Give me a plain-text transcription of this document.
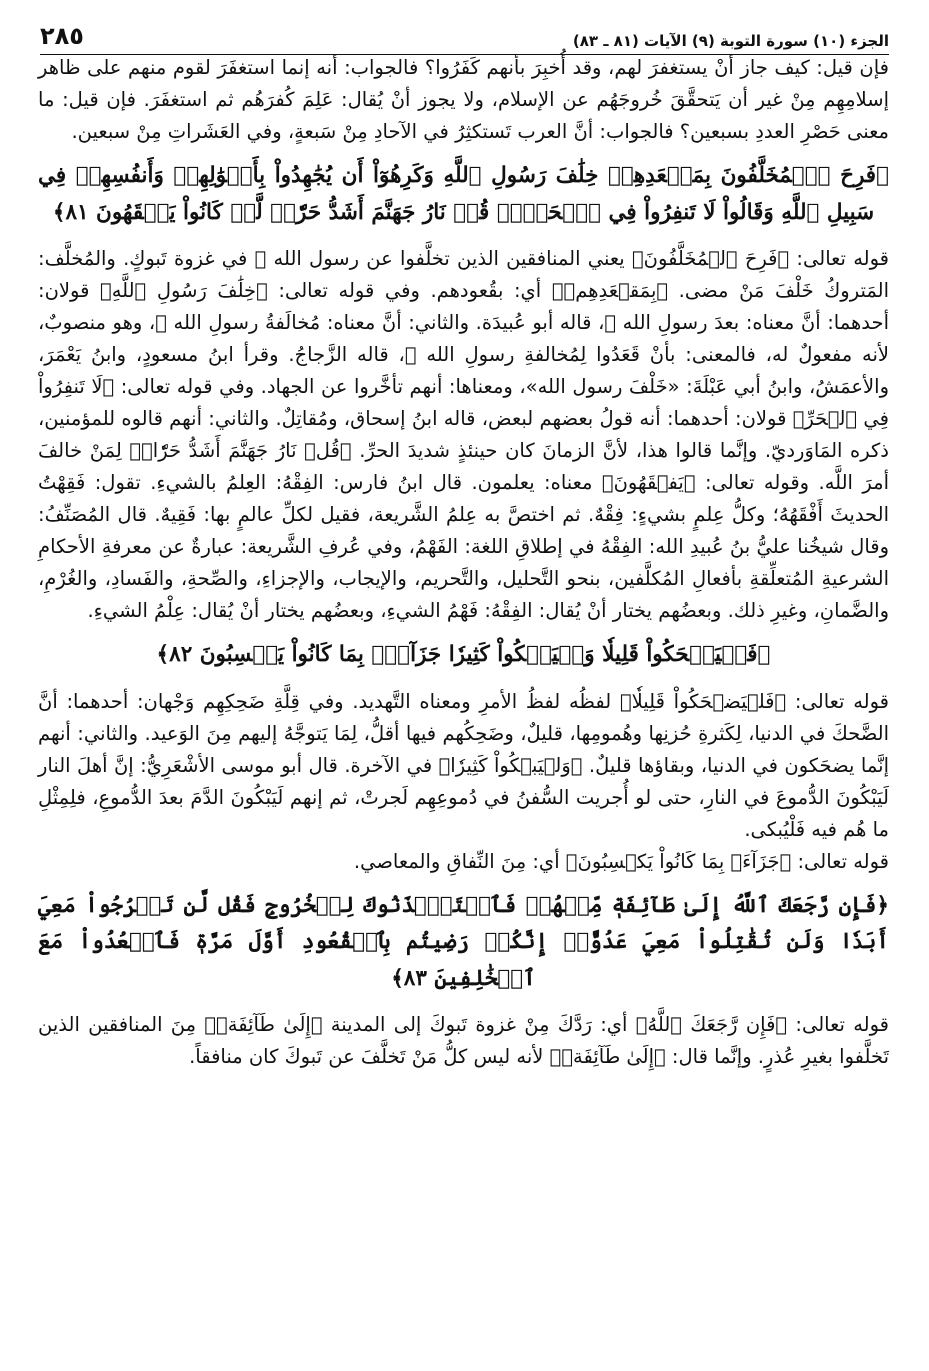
الجزء (١٠) سورة التوبة (٩) الآيات (٨١ ـ ٨٣)
٢٨٥

فإن قيل: كيف جاز أنْ يستغفرَ لهم، وقد أُخبِرَ بأنهم كَفَرُوا؟ فالجواب: أنه إنما استغفَرَ لقوم منهم على ظاهر إسلامِهِم مِنْ غير أن يَتحقَّقَ خُروجَهُم عن الإسلام، ولا يجوز أنْ يُقال: عَلِمَ كُفرَهُم ثم استغفَرَ. فإن قيل: ما معنى حَصْرِ العددِ بسبعين؟ فالجواب: أنَّ العرب تَستكثِرُ في الآحادِ مِنْ سَبعةٍ، وفي العَشَراتِ مِنْ سبعين.

﴿فَرِحَ ٱلۡمُخَلَّفُونَ بِمَقۡعَدِهِمۡ خِلَٰفَ رَسُولِ ٱللَّهِ وَكَرِهُوٓاْ أَن يُجَٰهِدُواْ بِأَمۡوَٰلِهِمۡ وَأَنفُسِهِمۡ فِي سَبِيلِ ٱللَّهِ وَقَالُواْ لَا تَنفِرُواْ فِي ٱلۡحَرِّۗ قُلۡ نَارُ جَهَنَّمَ أَشَدُّ حَرّٗاۚ لَّوۡ كَانُواْ يَفۡقَهُونَ ٨١﴾

قوله تعالى: ﴿فَرِحَ ٱلۡمُخَلَّفُونَ﴾ يعني المنافقين الذين تخلَّفوا عن رسول الله ﷺ في غزوة تَبوكٍ. والمُخلَّف: المَتروكُ خَلْفَ مَنْ مضى. ﴿بِمَقۡعَدِهِمۡ﴾ أي: بقُعودهم. وفي قوله تعالى: ﴿خِلَٰفَ رَسُولِ ٱللَّهِ﴾ قولان: أحدهما: أنَّ معناه: بعدَ رسولِ الله ﷺ، قاله أبو عُبيدَة. والثاني: أنَّ معناه: مُخالَفةُ رسولِ الله ﷺ، وهو منصوبٌ، لأنه مفعولٌ له، فالمعنى: بأنْ قَعَدُوا لِمُخالفةِ رسولِ الله ﷺ، قاله الزَّجاجُ. وقرأ ابنُ مسعودٍ، وابنُ يَعْمَرَ، والأعمَشُ، وابنُ أبي عَبْلَةَ: «خَلْفَ رسول الله»، ومعناها: أنهم تأخَّروا عن الجهاد. وفي قوله تعالى: ﴿لَا تَنفِرُواْ فِي ٱلۡحَرِّ﴾ قولان: أحدهما: أنه قولُ بعضهم لبعض، قاله ابنُ إسحاق، ومُقاتِلٌ. والثاني: أنهم قالوه للمؤمنين، ذكره المَاوَرديّ. وإنَّما قالوا هذا، لأنَّ الزمانَ كان حينئذٍ شديدَ الحرِّ. ﴿قُلۡ نَارُ جَهَنَّمَ أَشَدُّ حَرّٗاۚ﴾ لِمَنْ خالفَ أمرَ اللَّه. وقوله تعالى: ﴿يَفۡقَهُونَ﴾ معناه: يعلمون. قال ابنُ فارس: الفِقْهُ: العِلمُ بالشيءِ. تقول: فَقِهْتُ الحديثَ أَفْقَهُهُ؛ وكلُّ عِلمٍ بشيءٍ: فِقْهٌ. ثم اختصَّ به عِلمُ الشَّريعة، فقيل لكلِّ عالمٍ بها: فَقِيهٌ. قال المُصَنِّفُ: وقال شيخُنا عليُّ بنُ عُبيدِ الله: الفِقْهُ في إطلاقِ اللغة: الفَهْمُ، وفي عُرفِ الشَّريعة: عبارةٌ عن معرفةِ الأحكامِ الشرعيةِ المُتعلِّقةِ بأفعالِ المُكلَّفين، بنحو التَّحليل، والتَّحريم، والإيجاب، والإجزاءِ، والصِّحةِ، والفَسادِ، والغُرْمِ، والضَّمانِ، وغيرِ ذلك. وبعضُهم يختار أنْ يُقال: الفِقْهُ: فَهْمُ الشيءِ، وبعضُهم يختار أنْ يُقال: عِلْمُ الشيءِ.

﴿فَلۡيَضۡحَكُواْ قَلِيلٗا وَلۡيَبۡكُواْ كَثِيرٗا جَزَآءَۢ بِمَا كَانُواْ يَكۡسِبُونَ ٨٢﴾

قوله تعالى: ﴿فَلۡيَضۡحَكُواْ قَلِيلٗا﴾ لفظُه لفظُ الأمرِ ومعناه التَّهديد. وفي قِلَّةِ ضَحِكِهِم وَجْهان: أحدهما: أنَّ الضَّحكَ في الدنيا، لِكَثرةِ حُزنِها وهُمومِها، قليلٌ، وضَحِكُهم فيها أقلُّ، لِمَا يَتوجَّهُ إليهم مِنَ الوَعيد. والثاني: أنهم إنَّما يضحَكون في الدنيا، وبقاؤها قليلٌ. ﴿وَلۡيَبۡكُواْ كَثِيرٗا﴾ في الآخرة. قال أبو موسى الأشْعَرِيُّ: إنَّ أهلَ النار لَيَبْكُونَ الدُّموعَ في النارِ، حتى لو أُجريت السُّفنُ في دُموعِهِم لَجرتْ، ثم إنهم لَيَبْكُونَ الدَّمَ بعدَ الدُّموعِ، فلِمِثْلِ ما هُم فيه فَلْيُبكى.

قوله تعالى: ﴿جَزَآءَۢ بِمَا كَانُواْ يَكۡسِبُونَ﴾ أي: مِنَ النِّفاقِ والمعاصي.

﴿فَإِن رَّجَعَكَ ٱللَّهُ إِلَىٰ طَآئِفَةٖ مِّنۡهُمۡ فَٱسۡتَـٔۡذَنُوكَ لِلۡخُرُوجِ فَقُل لَّن تَخۡرُجُواْ مَعِيَ أَبَدٗا وَلَن تُقَٰتِلُواْ مَعِيَ عَدُوًّاۖ إِنَّكُمۡ رَضِيتُم بِٱلۡقُعُودِ أَوَّلَ مَرَّةٖ فَٱقۡعُدُواْ مَعَ ٱلۡخَٰلِفِينَ ٨٣﴾

قوله تعالى: ﴿فَإِن رَّجَعَكَ ٱللَّهُ﴾ أي: رَدَّكَ مِنْ غزوة تَبوكَ إلى المدينة ﴿إِلَىٰ طَآئِفَةٖ﴾ مِنَ المنافقين الذين تَخلَّفوا بغيرِ عُذرٍ. وإنَّما قال: ﴿إِلَىٰ طَآئِفَةٖ﴾ لأنه ليس كلُّ مَنْ تَخلَّفَ عن تَبوكَ كان منافقاً.
